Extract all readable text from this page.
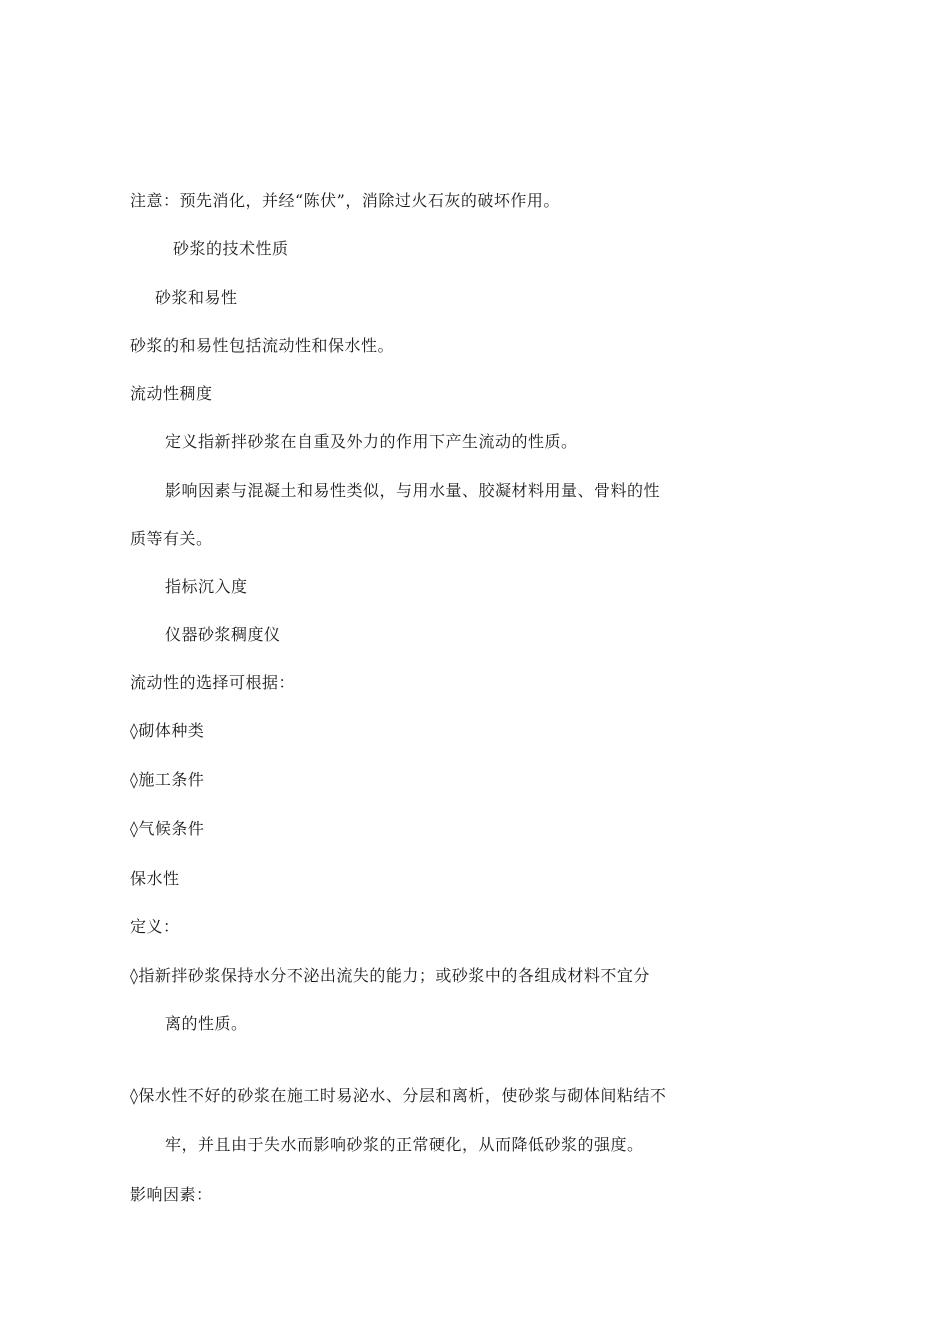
注意：预先消化，并经“陈伏”，消除过火石灰的破坏作用。
砂浆的技术性质
砂浆和易性
砂浆的和易性包括流动性和保水性。
流动性稠度
定义指新拌砂浆在自重及外力的作用下产生流动的性质。
影响因素与混凝土和易性类似，与用水量、胶凝材料用量、骨料的性
质等有关。
指标沉入度
仪器砂浆稠度仪
流动性的选择可根据：
◊砌体种类
◊施工条件
◊气候条件
保水性
定义：
◊指新拌砂浆保持水分不泌出流失的能力；或砂浆中的各组成材料不宜分
离的性质。
◊保水性不好的砂浆在施工时易泌水、分层和离析，使砂浆与砌体间粘结不
牢，并且由于失水而影响砂浆的正常硬化，从而降低砂浆的强度。
影响因素：
